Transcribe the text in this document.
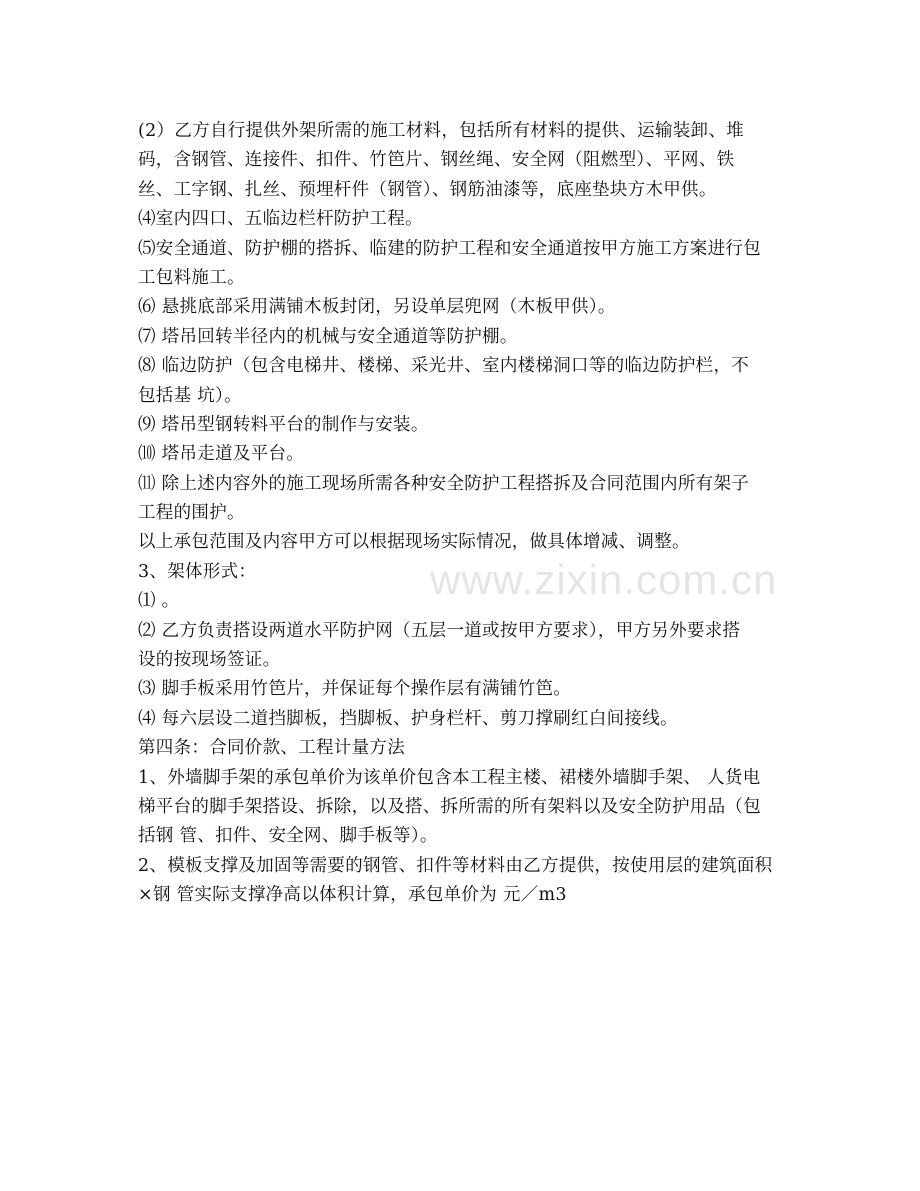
(2）乙方自行提供外架所需的施工材料，包括所有材料的提供、运输装卸、堆
码，含钢管、连接件、扣件、竹笆片、钢丝绳、安全网（阻燃型）、平网、铁
丝、工字钢、扎丝、预埋杆件（钢管）、钢筋油漆等，底座垫块方木甲供。
⑷室内四口、五临边栏杆防护工程。
⑸安全通道、防护棚的搭拆、临建的防护工程和安全通道按甲方施工方案进行包
工包料施工。
⑹ 悬挑底部采用满铺木板封闭，另设单层兜网（木板甲供）。
⑺ 塔吊回转半径内的机械与安全通道等防护棚。
⑻ 临边防护（包含电梯井、楼梯、采光井、室内楼梯洞口等的临边防护栏，不
包括基 坑）。
⑼ 塔吊型钢转料平台的制作与安装。
⑽ 塔吊走道及平台。
⑾ 除上述内容外的施工现场所需各种安全防护工程搭拆及合同范围内所有架子
工程的围护。
以上承包范围及内容甲方可以根据现场实际情况，做具体增减、调整。
3、架体形式：
⑴ 。
⑵ 乙方负责搭设两道水平防护网（五层一道或按甲方要求），甲方另外要求搭
设的按现场签证。
⑶ 脚手板采用竹笆片，并保证每个操作层有满铺竹笆。
⑷ 每六层设二道挡脚板，挡脚板、护身栏杆、剪刀撑刷红白间接线。
第四条：合同价款、工程计量方法
1、外墙脚手架的承包单价为该单价包含本工程主楼、裙楼外墙脚手架、 人货电
梯平台的脚手架搭设、拆除，以及搭、拆所需的所有架料以及安全防护用品（包
括钢 管、扣件、安全网、脚手板等）。
2、模板支撑及加固等需要的钢管、扣件等材料由乙方提供，按使用层的建筑面积
×钢 管实际支撑净高以体积计算，承包单价为 元／m3
www.zixin.com.cn
